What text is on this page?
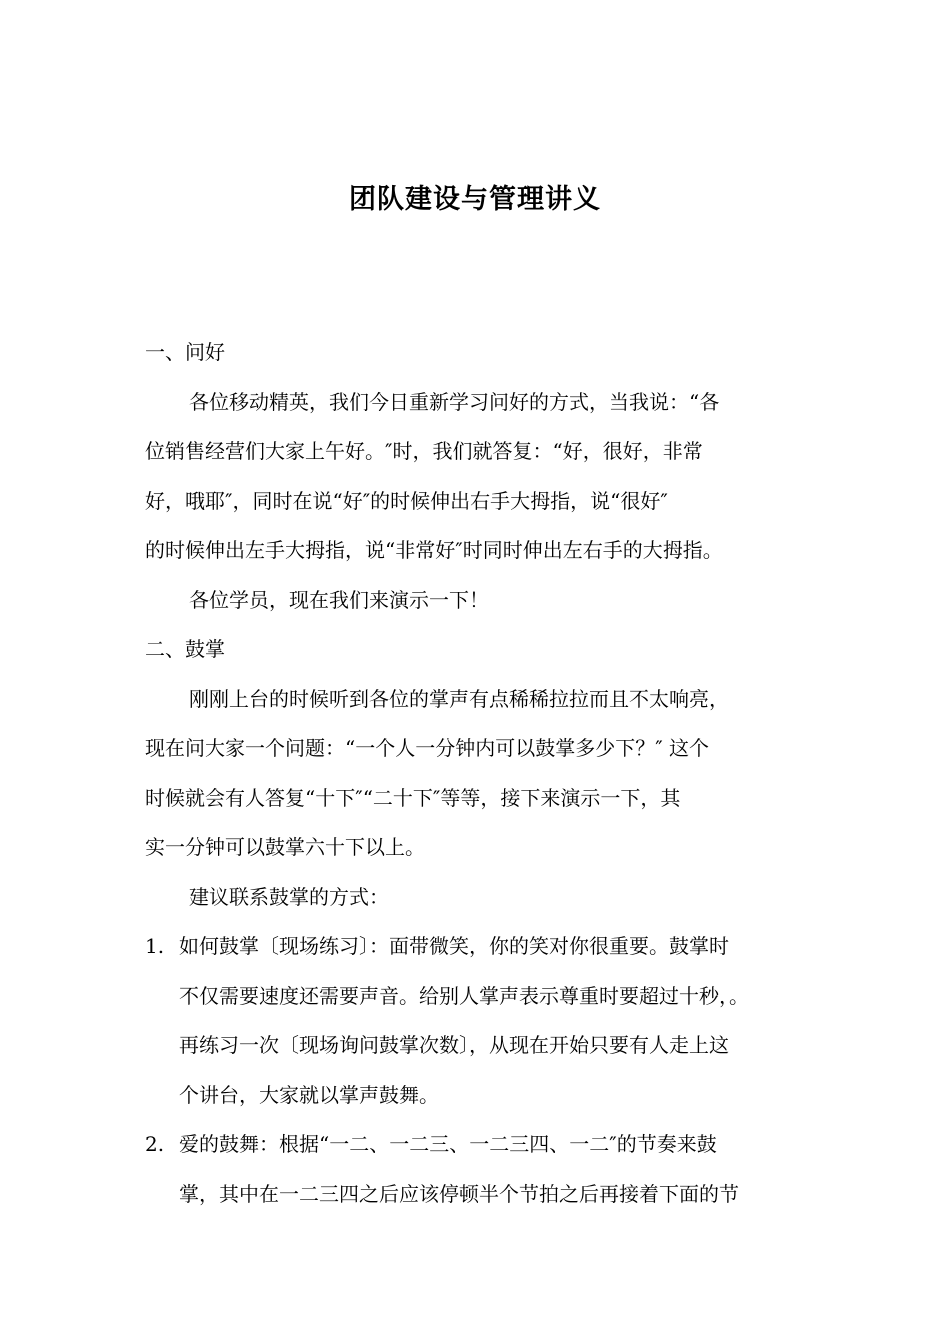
团队建设与管理讲义
一、问好
各位移动精英，我们今日重新学习问好的方式，当我说：“各
位销售经营们大家上午好。″时，我们就答复：“好，很好，非常
好，哦耶″，同时在说“好″的时候伸出右手大拇指，说“很好″
的时候伸出左手大拇指，说“非常好″时同时伸出左右手的大拇指。
各位学员，现在我们来演示一下！
二、鼓掌
刚刚上台的时候听到各位的掌声有点稀稀拉拉而且不太响亮，
现在问大家一个问题：“一个人一分钟内可以鼓掌多少下？″ 这个
时候就会有人答复“十下″“二十下″等等，接下来演示一下，其
实一分钟可以鼓掌六十下以上。
建议联系鼓掌的方式：
1. 如何鼓掌〔现场练习〕：面带微笑，你的笑对你很重要。鼓掌时
不仅需要速度还需要声音。给别人掌声表示尊重时要超过十秒，。
再练习一次〔现场询问鼓掌次数〕，从现在开始只要有人走上这
个讲台，大家就以掌声鼓舞。
2. 爱的鼓舞：根据“一二、一二三、一二三四、一二″的节奏来鼓
掌，其中在一二三四之后应该停顿半个节拍之后再接着下面的节
